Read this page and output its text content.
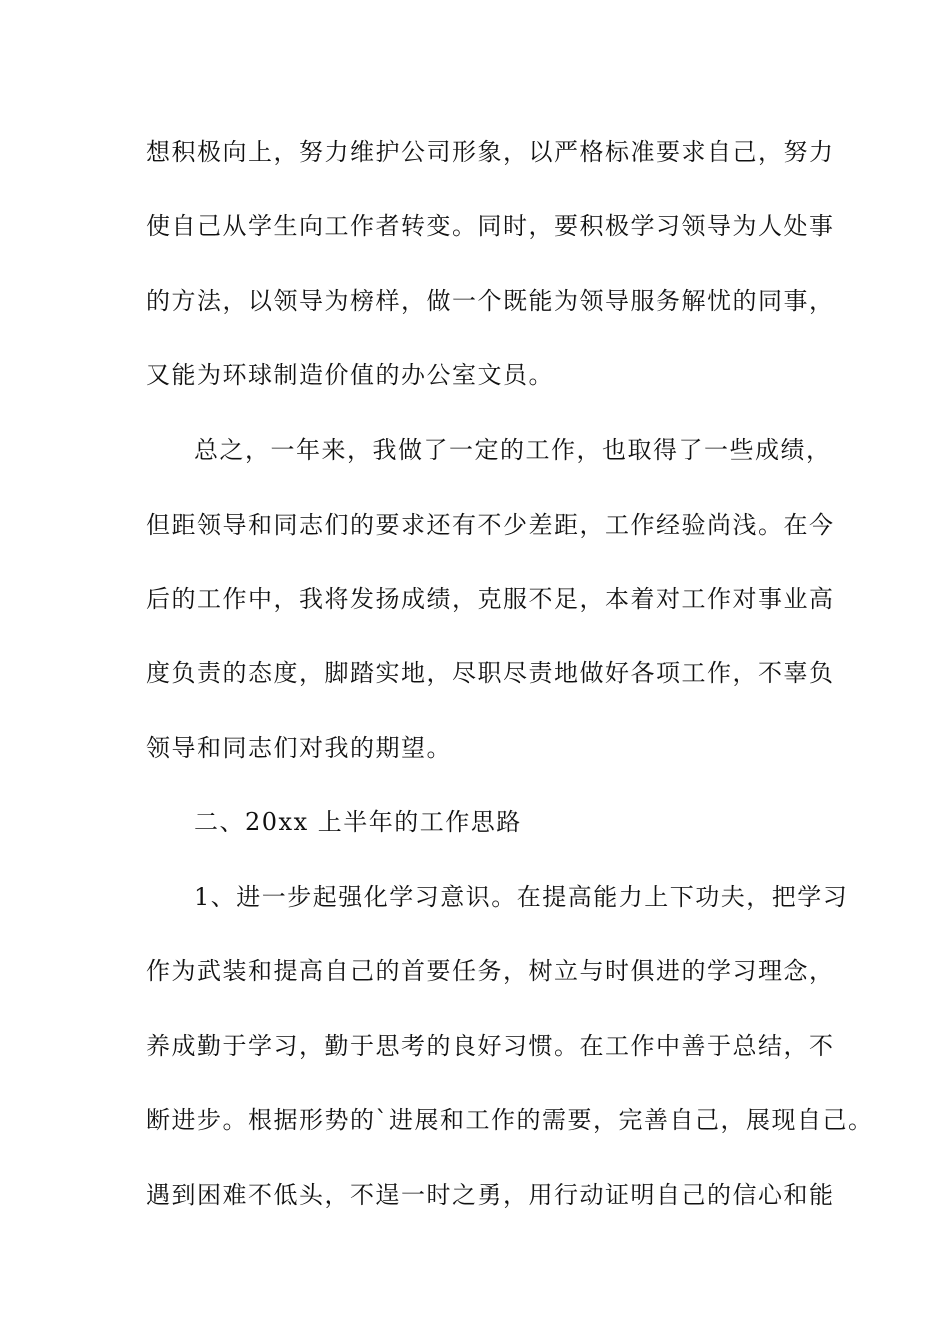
想积极向上，努力维护公司形象，以严格标准要求自己，努力
使自己从学生向工作者转变。同时，要积极学习领导为人处事
的方法，以领导为榜样，做一个既能为领导服务解忧的同事，
又能为环球制造价值的办公室文员。
总之，一年来，我做了一定的工作，也取得了一些成绩，
但距领导和同志们的要求还有不少差距，工作经验尚浅。在今
后的工作中，我将发扬成绩，克服不足，本着对工作对事业高
度负责的态度，脚踏实地，尽职尽责地做好各项工作，不辜负
领导和同志们对我的期望。
二、20xx 上半年的工作思路
1、进一步起强化学习意识。在提高能力上下功夫，把学习
作为武装和提高自己的首要任务，树立与时俱进的学习理念，
养成勤于学习，勤于思考的良好习惯。在工作中善于总结，不
断进步。根据形势的`进展和工作的需要，完善自己，展现自己。
遇到困难不低头，不逞一时之勇，用行动证明自己的信心和能
